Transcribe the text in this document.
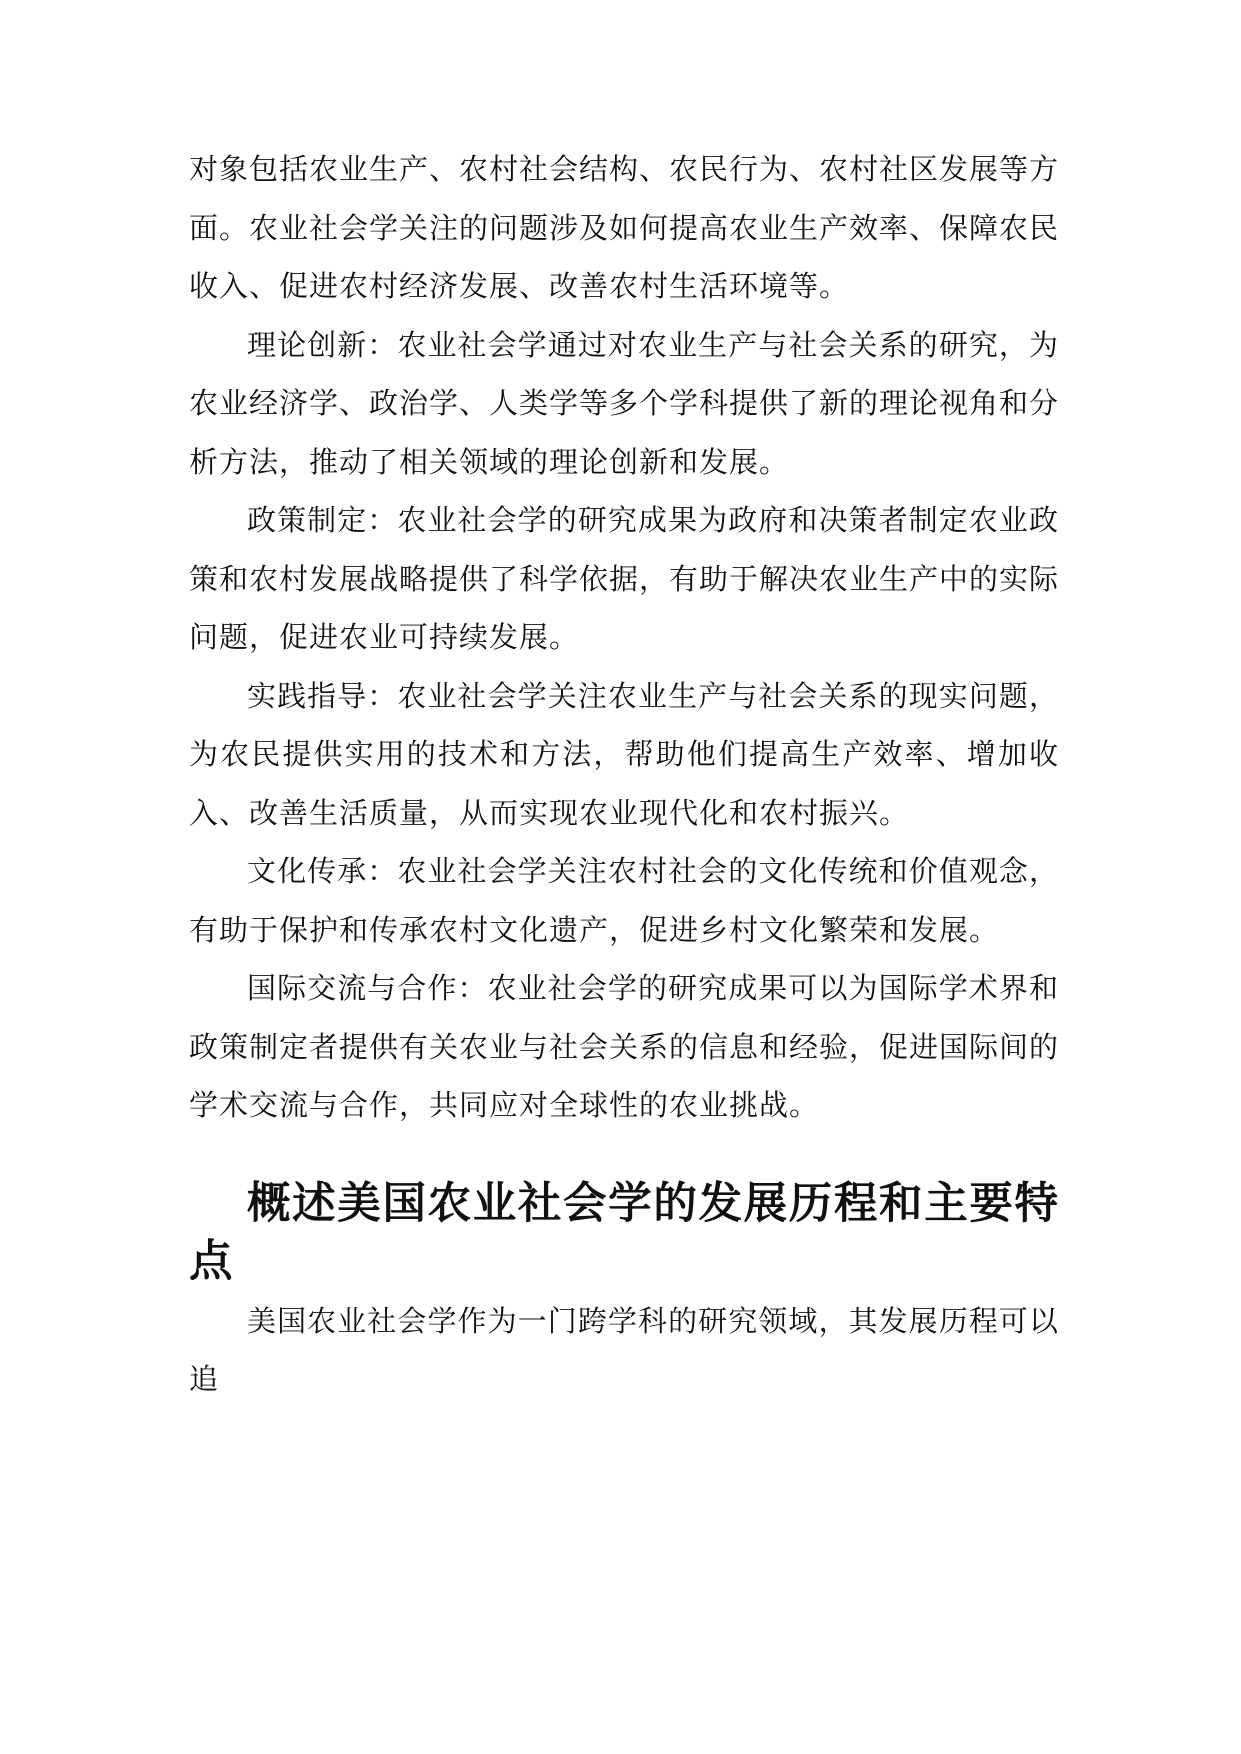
对象包括农业生产、农村社会结构、农民行为、农村社区发展等方面。农业社会学关注的问题涉及如何提高农业生产效率、保障农民收入、促进农村经济发展、改善农村生活环境等。

理论创新：农业社会学通过对农业生产与社会关系的研究，为农业经济学、政治学、人类学等多个学科提供了新的理论视角和分析方法，推动了相关领域的理论创新和发展。

政策制定：农业社会学的研究成果为政府和决策者制定农业政策和农村发展战略提供了科学依据，有助于解决农业生产中的实际问题，促进农业可持续发展。

实践指导：农业社会学关注农业生产与社会关系的现实问题，为农民提供实用的技术和方法，帮助他们提高生产效率、增加收入、改善生活质量，从而实现农业现代化和农村振兴。

文化传承：农业社会学关注农村社会的文化传统和价值观念，有助于保护和传承农村文化遗产，促进乡村文化繁荣和发展。

国际交流与合作：农业社会学的研究成果可以为国际学术界和政策制定者提供有关农业与社会关系的信息和经验，促进国际间的学术交流与合作，共同应对全球性的农业挑战。

概述美国农业社会学的发展历程和主要特点

美国农业社会学作为一门跨学科的研究领域，其发展历程可以追
